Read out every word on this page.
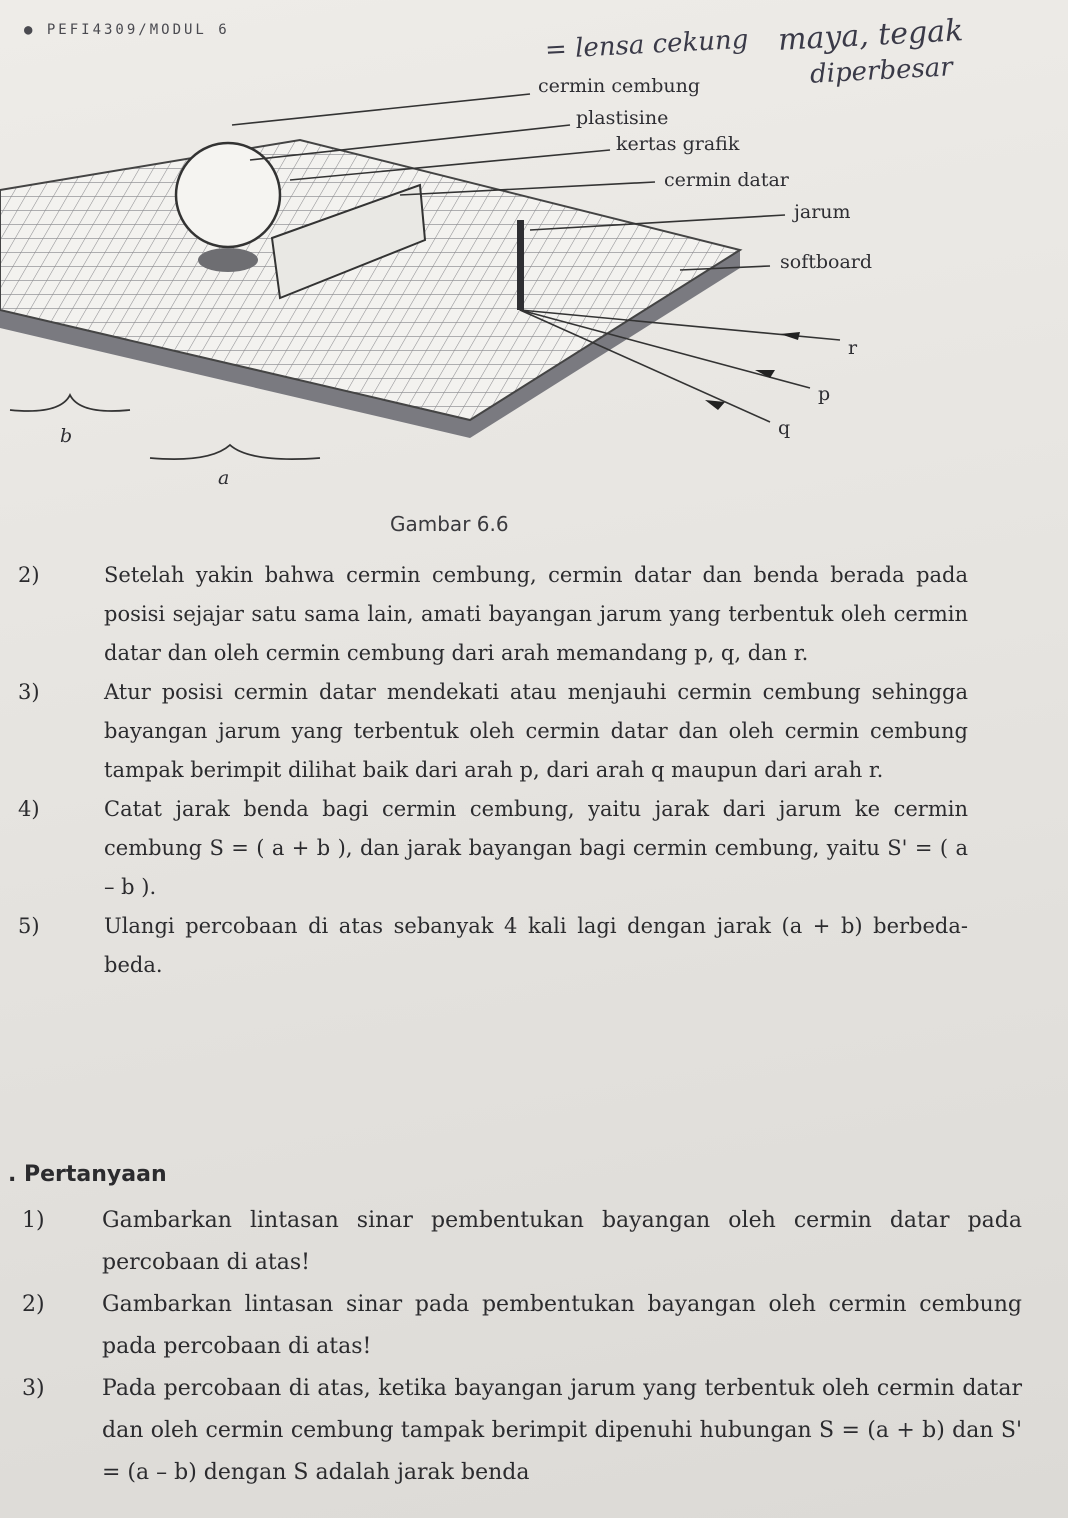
● PEFI4309/MODUL 6	= lensa cekung maya, tegak
diperbesar
cermin cembung
plastisine
kertas grafik
cermin datar
jarum
softboard
r
p
q
b
a
Gambar 6.6
2)	Setelah yakin bahwa cermin cembung, cermin datar dan benda berada pada posisi sejajar satu sama lain, amati bayangan jarum yang terbentuk oleh cermin datar dan oleh cermin cembung dari arah memandang p, q, dan r.
3)	Atur posisi cermin datar mendekati atau menjauhi cermin cembung sehingga bayangan jarum yang terbentuk oleh cermin datar dan oleh cermin cembung tampak berimpit dilihat baik dari arah p, dari arah q maupun dari arah r.
4)	Catat jarak benda bagi cermin cembung, yaitu jarak dari jarum ke cermin cembung S = ( a + b ), dan jarak bayangan bagi cermin cembung, yaitu S' = ( a – b ).
5)	Ulangi percobaan di atas sebanyak 4 kali lagi dengan jarak (a + b) berbeda-beda.
. Pertanyaan
1)	Gambarkan lintasan sinar pembentukan bayangan oleh cermin datar pada percobaan di atas!
2)	Gambarkan lintasan sinar pada pembentukan bayangan oleh cermin cembung pada percobaan di atas!
3)	Pada percobaan di atas, ketika bayangan jarum yang terbentuk oleh cermin datar dan oleh cermin cembung tampak berimpit dipenuhi hubungan S = (a + b) dan S' = (a – b) dengan S adalah jarak benda
